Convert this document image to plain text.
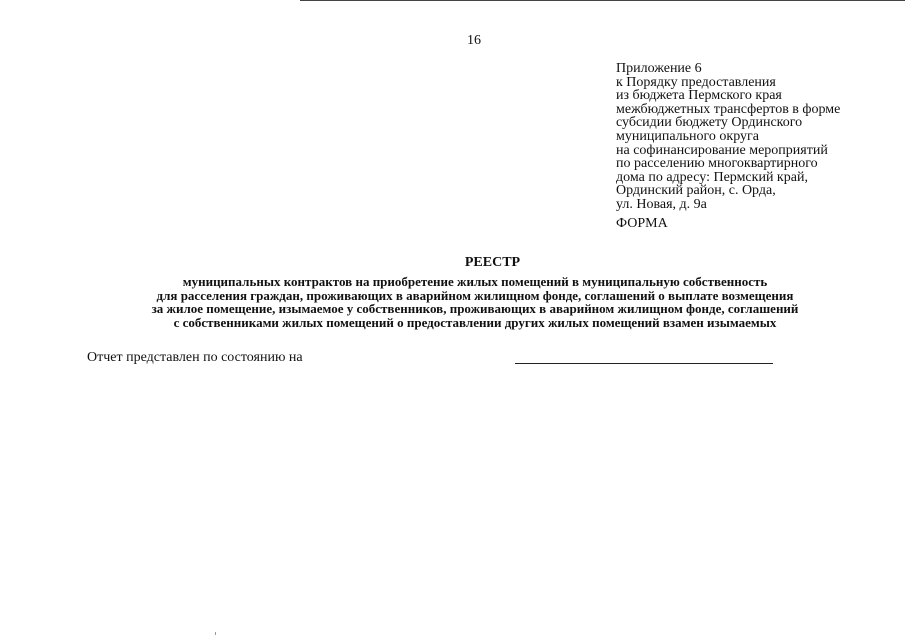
16
Приложение 6
к Порядку предоставления
из бюджета Пермского края
межбюджетных трансфертов в форме
субсидии бюджету Ординского
муниципального округа
на софинансирование мероприятий
по расселению многоквартирного
дома по адресу: Пермский край,
Ординский район, с. Орда,
ул. Новая, д. 9а
ФОРМА
РЕЕСТР
муниципальных контрактов на приобретение жилых помещений в муниципальную собственность
для расселения граждан, проживающих в аварийном жилищном фонде, соглашений о выплате возмещения
за жилое помещение, изымаемое у собственников, проживающих в аварийном жилищном фонде, соглашений
с собственниками жилых помещений о предоставлении других жилых помещений взамен изымаемых
Отчет представлен по состоянию на
